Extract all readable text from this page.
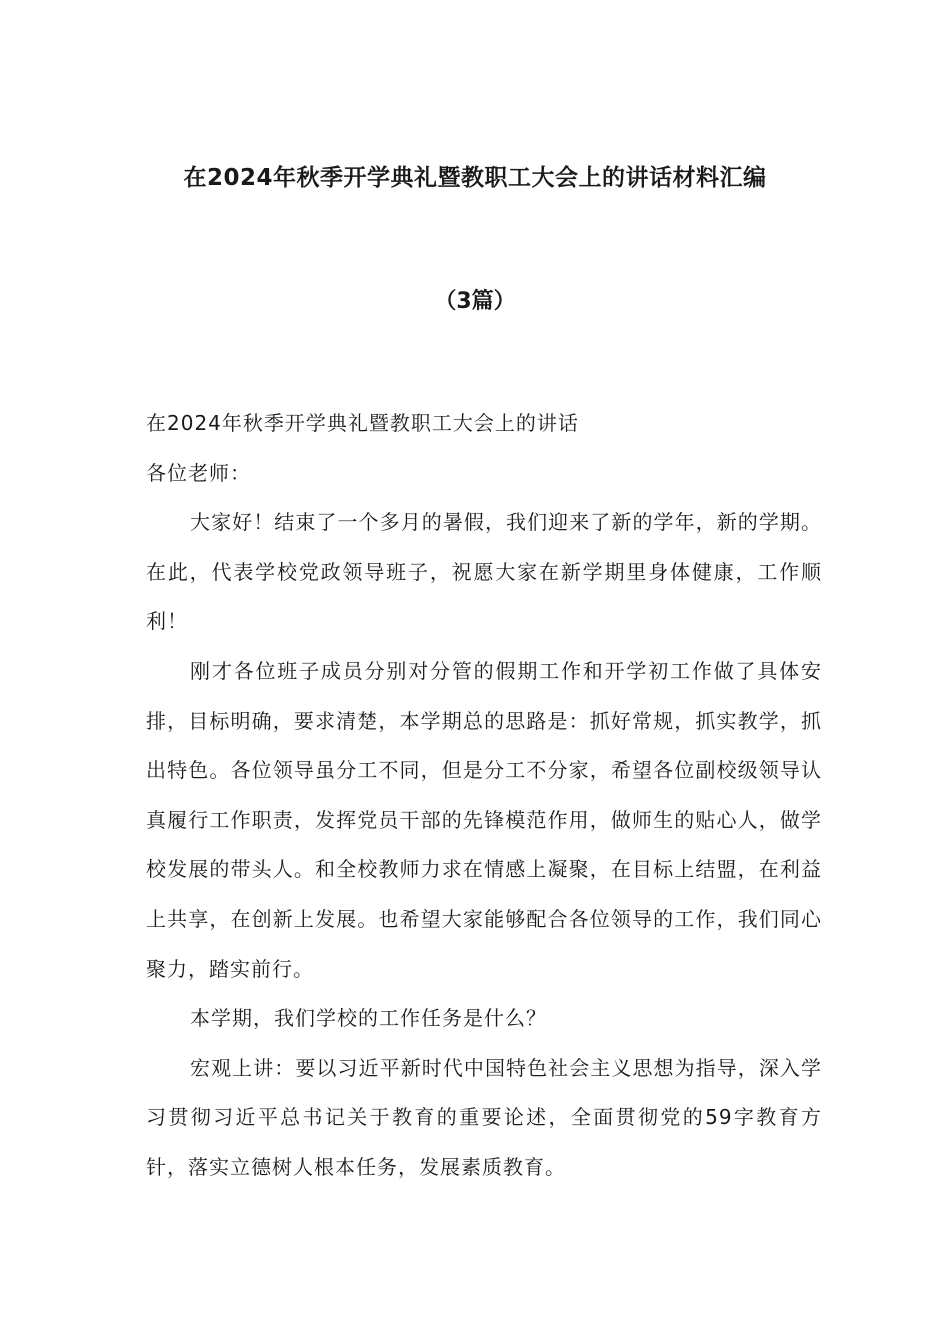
在2024年秋季开学典礼暨教职工大会上的讲话材料汇编
（3篇）

在2024年秋季开学典礼暨教职工大会上的讲话

各位老师：

大家好！结束了一个多月的暑假，我们迎来了新的学年，新的学期。在此，代表学校党政领导班子，祝愿大家在新学期里身体健康，工作顺利！

刚才各位班子成员分别对分管的假期工作和开学初工作做了具体安排，目标明确，要求清楚，本学期总的思路是：抓好常规，抓实教学，抓出特色。各位领导虽分工不同，但是分工不分家，希望各位副校级领导认真履行工作职责，发挥党员干部的先锋模范作用，做师生的贴心人，做学校发展的带头人。和全校教师力求在情感上凝聚，在目标上结盟，在利益上共享，在创新上发展。也希望大家能够配合各位领导的工作，我们同心聚力，踏实前行。

本学期，我们学校的工作任务是什么？

宏观上讲：要以习近平新时代中国特色社会主义思想为指导，深入学习贯彻习近平总书记关于教育的重要论述，全面贯彻党的59字教育方针，落实立德树人根本任务，发展素质教育。
